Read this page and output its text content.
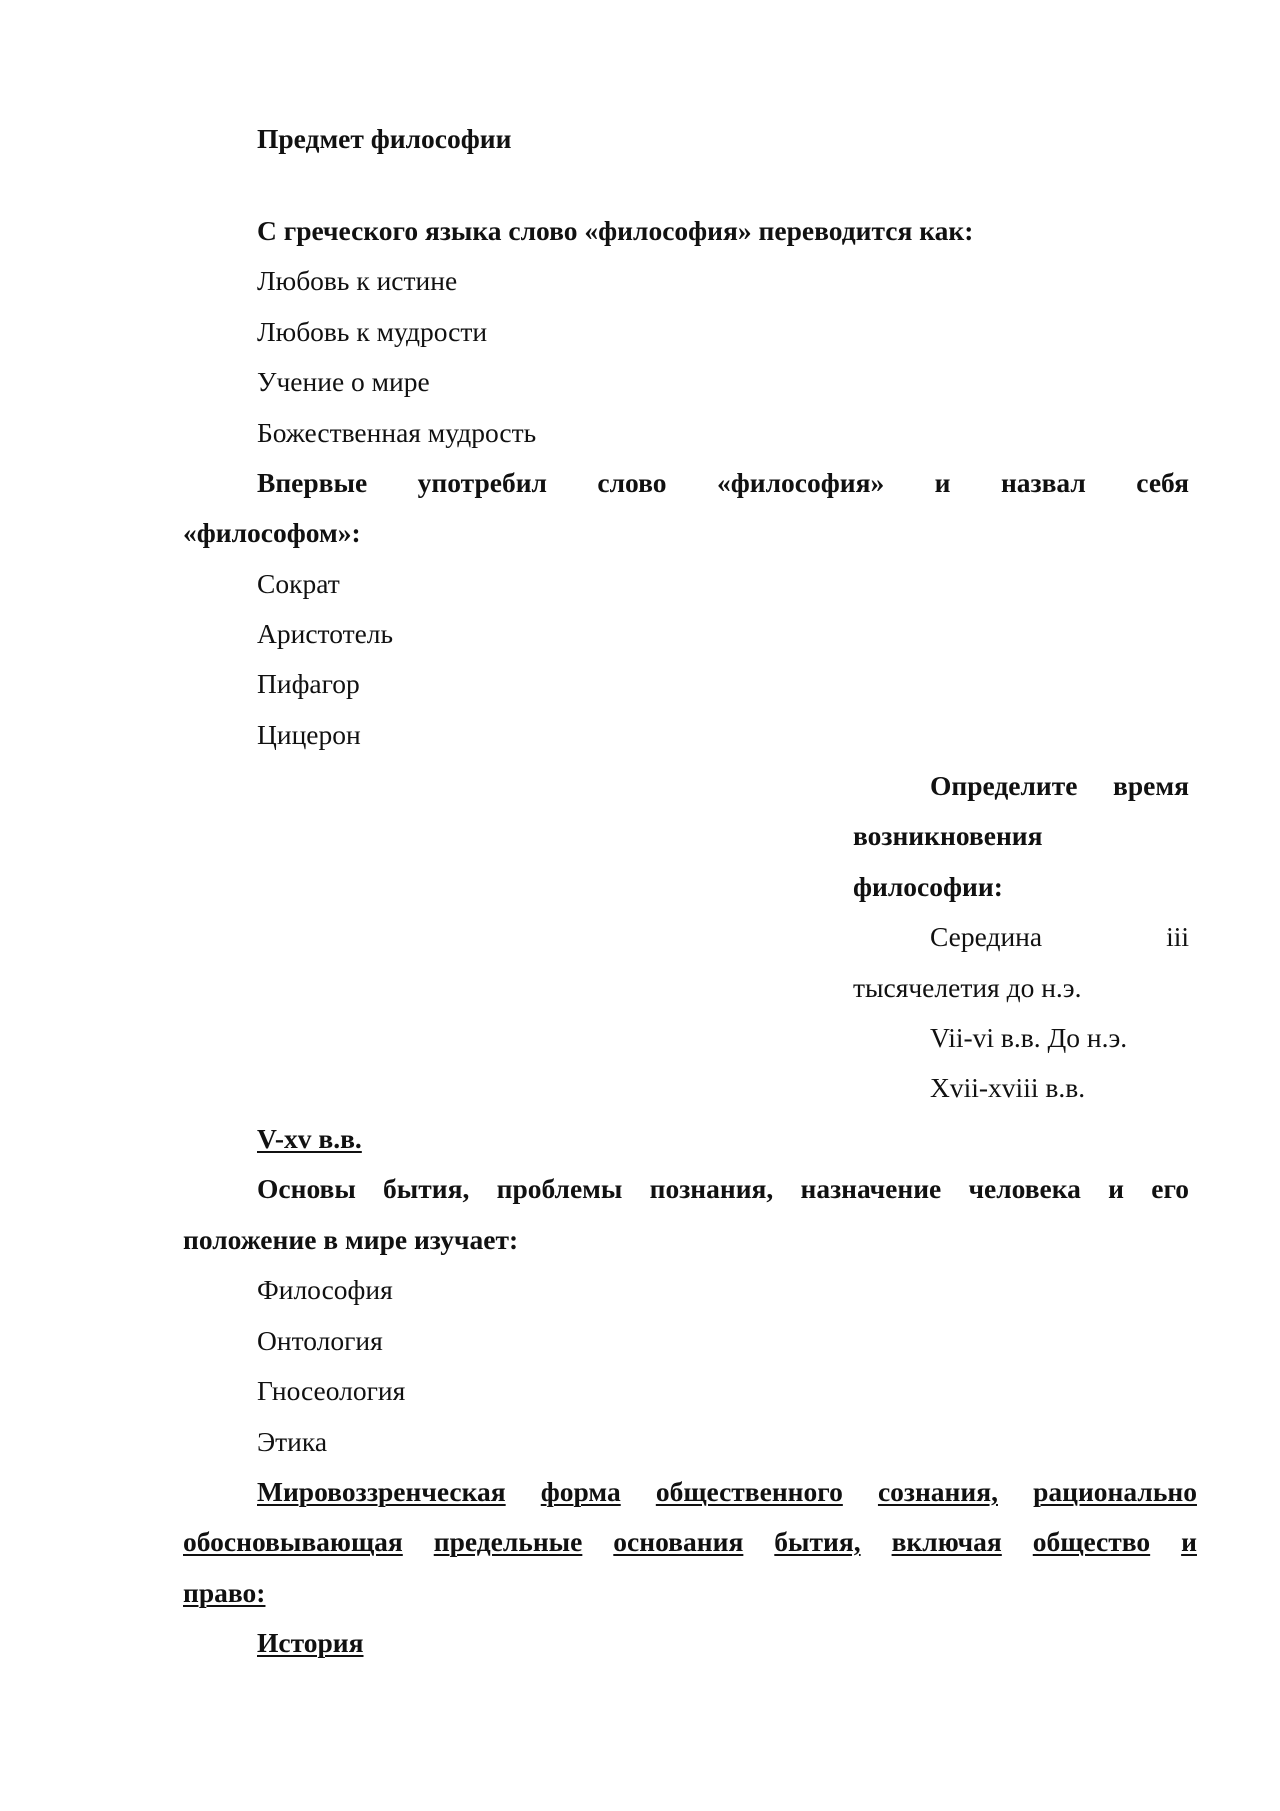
Предмет философии
С греческого языка слово «философия» переводится как:
Любовь к истине
Любовь к мудрости
Учение о мире
Божественная мудрость
Впервые употребил слово «философия» и назвал себя
«философом»:
Сократ
Аристотель
Пифагор
Цицерон
Определите время
возникновения
философии:
Середина	iii
тысячелетия до н.э.
Vii-vi в.в. До н.э.
Xvii-xviii в.в.
V-xv в.в.
Основы бытия, проблемы познания, назначение человека и его
положение в мире изучает:
Философия
Онтология
Гносеология
Этика
Мировоззренческая форма общественного сознания, рационально
обосновывающая предельные основания бытия, включая общество и
право:
История
